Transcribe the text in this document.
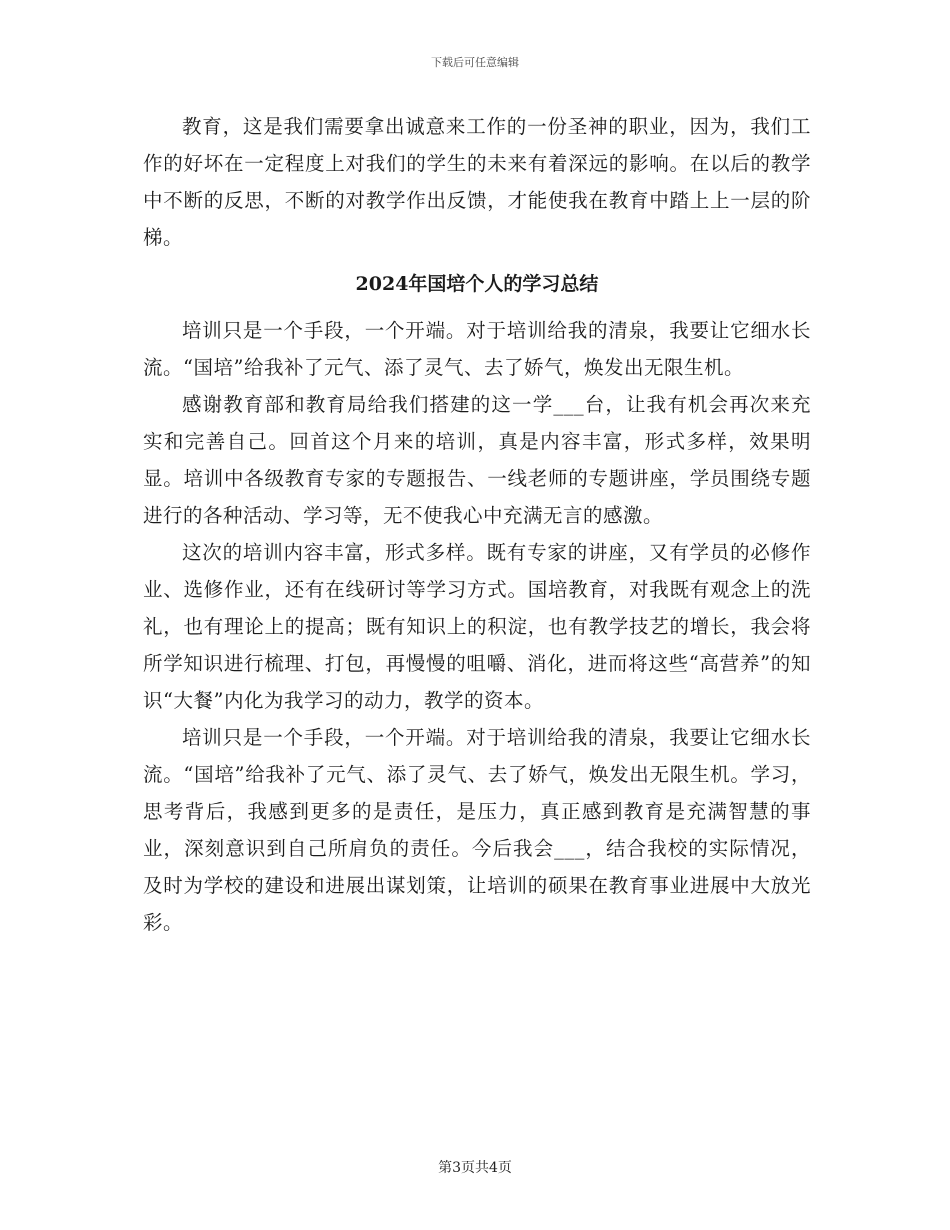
下载后可任意编辑

教育，这是我们需要拿出诚意来工作的一份圣神的职业，因为，我们工作的好坏在一定程度上对我们的学生的未来有着深远的影响。在以后的教学中不断的反思，不断的对教学作出反馈，才能使我在教育中踏上上一层的阶梯。

2024年国培个人的学习总结

培训只是一个手段，一个开端。对于培训给我的清泉，我要让它细水长流。“国培”给我补了元气、添了灵气、去了娇气，焕发出无限生机。

感谢教育部和教育局给我们搭建的这一学___台，让我有机会再次来充实和完善自己。回首这个月来的培训，真是内容丰富，形式多样，效果明显。培训中各级教育专家的专题报告、一线老师的专题讲座，学员围绕专题进行的各种活动、学习等，无不使我心中充满无言的感激。

这次的培训内容丰富，形式多样。既有专家的讲座，又有学员的必修作业、选修作业，还有在线研讨等学习方式。国培教育，对我既有观念上的洗礼，也有理论上的提高；既有知识上的积淀，也有教学技艺的增长，我会将所学知识进行梳理、打包，再慢慢的咀嚼、消化，进而将这些“高营养”的知识“大餐”内化为我学习的动力，教学的资本。

培训只是一个手段，一个开端。对于培训给我的清泉，我要让它细水长流。“国培”给我补了元气、添了灵气、去了娇气，焕发出无限生机。学习，思考背后，我感到更多的是责任，是压力，真正感到教育是充满智慧的事业，深刻意识到自己所肩负的责任。今后我会___，结合我校的实际情况，及时为学校的建设和进展出谋划策，让培训的硕果在教育事业进展中大放光彩。

第3页共4页
